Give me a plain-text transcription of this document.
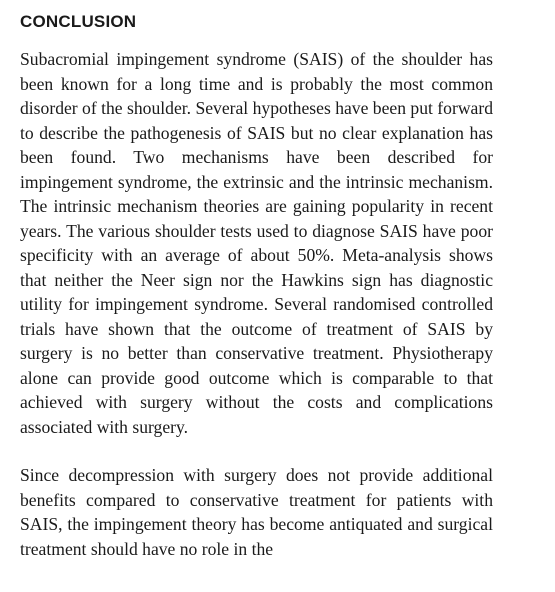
CONCLUSION

Subacromial impingement syndrome (SAIS) of the shoulder has been known for a long time and is probably the most common disorder of the shoulder. Several hypotheses have been put forward to describe the pathogenesis of SAIS but no clear explanation has been found. Two mechanisms have been described for impingement syndrome, the extrinsic and the intrinsic mechanism. The intrinsic mechanism theories are gaining popularity in recent years. The various shoulder tests used to diagnose SAIS have poor specificity with an average of about 50%. Meta-analysis shows that neither the Neer sign nor the Hawkins sign has diagnostic utility for impingement syndrome. Several randomised controlled trials have shown that the outcome of treatment of SAIS by surgery is no better than conservative treatment. Physiotherapy alone can provide good outcome which is comparable to that achieved with surgery without the costs and complications associated with surgery.

Since decompression with surgery does not provide additional benefits compared to conservative treatment for patients with SAIS, the impingement theory has become antiquated and surgical treatment should have no role in the
